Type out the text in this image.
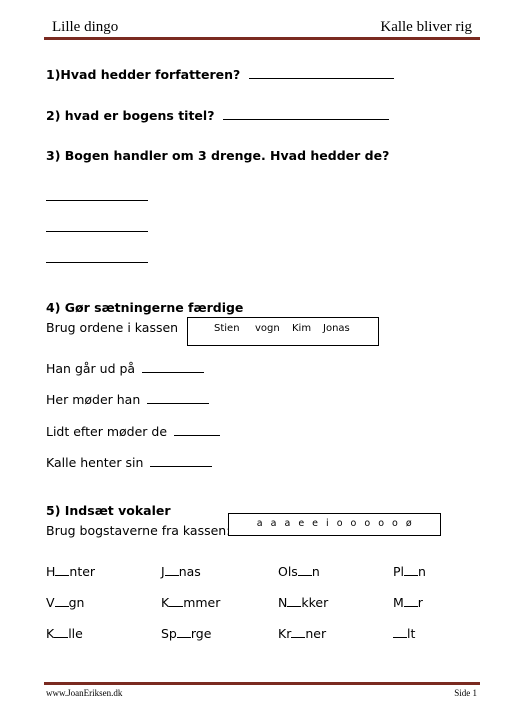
Lille dingo	Kalle bliver rig
1)Hvad hedder forfatteren?
2) hvad er bogens titel?
3) Bogen handler om 3 drenge. Hvad hedder de?
4) Gør sætningerne færdige
Brug ordene i kassen	Stien vogn Kim Jonas
Han går ud på
Her møder han
Lidt efter møder de
Kalle henter sin
5) Indsæt vokaler
Brug bogstaverne fra kassen:	a a a e e i o o o o o ø
H nter	J nas	Ols n	Pl n
V gn	K mmer	N kker	M r
K lle	Sp rge	Kr ner	lt
www.JoanEriksen.dk	Side 1
